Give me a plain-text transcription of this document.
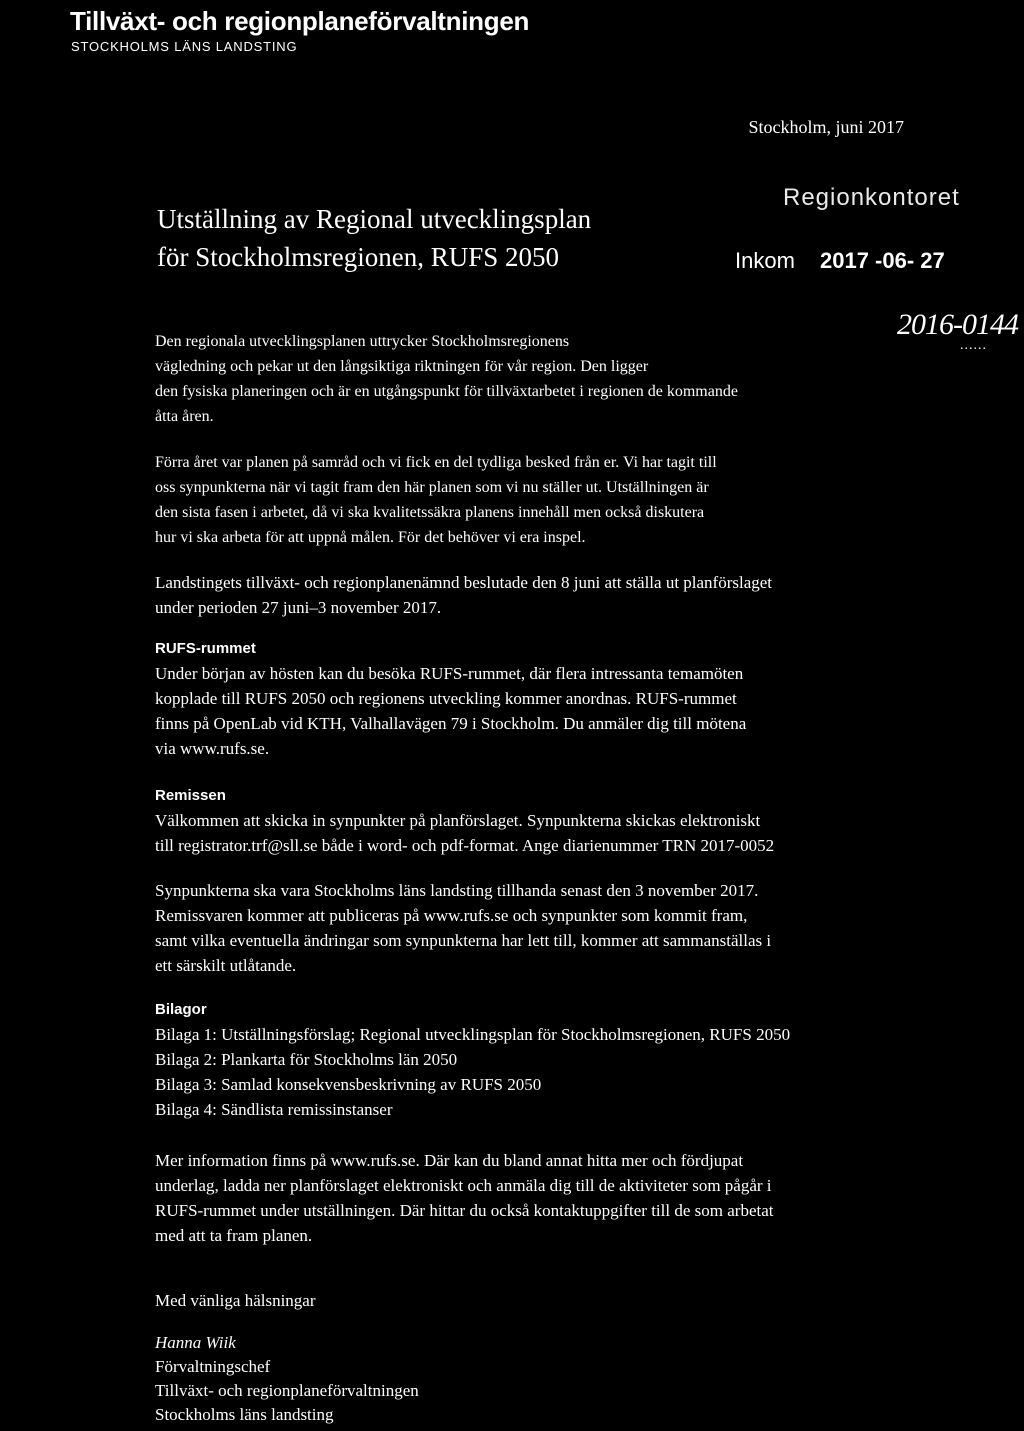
Tillväxt- och regionplaneförvaltningen
STOCKHOLMS LÄNS LANDSTING
Stockholm, juni 2017
Utställning av Regional utvecklingsplan
för Stockholmsregionen, RUFS 2050
Regionkontoret
Inkom 2017 -06- 27
2016-0144
......

Den regionala utvecklingsplanen uttrycker Stockholmsregionens
vägledning och pekar ut den långsiktiga riktningen för vår region. Den ligger
den fysiska planeringen och är en utgångspunkt för tillväxtarbetet i regionen de kommande
åtta åren.

Förra året var planen på samråd och vi fick en del tydliga besked från er. Vi har tagit till
oss synpunkterna när vi tagit fram den här planen som vi nu ställer ut. Utställningen är
den sista fasen i arbetet, då vi ska kvalitetssäkra planens innehåll men också diskutera
hur vi ska arbeta för att uppnå målen. För det behöver vi era inspel.

Landstingets tillväxt- och regionplanenämnd beslutade den 8 juni att ställa ut planförslaget
under perioden 27 juni–3 november 2017.

RUFS-rummet

Under början av hösten kan du besöka RUFS-rummet, där flera intressanta temamöten
kopplade till RUFS 2050 och regionens utveckling kommer anordnas. RUFS-rummet
finns på OpenLab vid KTH, Valhallavägen 79 i Stockholm. Du anmäler dig till mötena
via www.rufs.se.

Remissen

Välkommen att skicka in synpunkter på planförslaget. Synpunkterna skickas elektroniskt
till registrator.trf@sll.se både i word- och pdf-format. Ange diarienummer TRN 2017-0052

Synpunkterna ska vara Stockholms läns landsting tillhanda senast den 3 november 2017.
Remissvaren kommer att publiceras på www.rufs.se och synpunkter som kommit fram,
samt vilka eventuella ändringar som synpunkterna har lett till, kommer att sammanställas i
ett särskilt utlåtande.

Bilagor

Bilaga 1: Utställningsförslag; Regional utvecklingsplan för Stockholmsregionen, RUFS 2050
Bilaga 2: Plankarta för Stockholms län 2050
Bilaga 3: Samlad konsekvensbeskrivning av RUFS 2050
Bilaga 4: Sändlista remissinstanser

Mer information finns på www.rufs.se. Där kan du bland annat hitta mer och fördjupat
underlag, ladda ner planförslaget elektroniskt och anmäla dig till de aktiviteter som pågår i
RUFS-rummet under utställningen. Där hittar du också kontaktuppgifter till de som arbetat
med att ta fram planen.

Med vänliga hälsningar

Hanna Wiik
Förvaltningschef
Tillväxt- och regionplaneförvaltningen
Stockholms läns landsting
